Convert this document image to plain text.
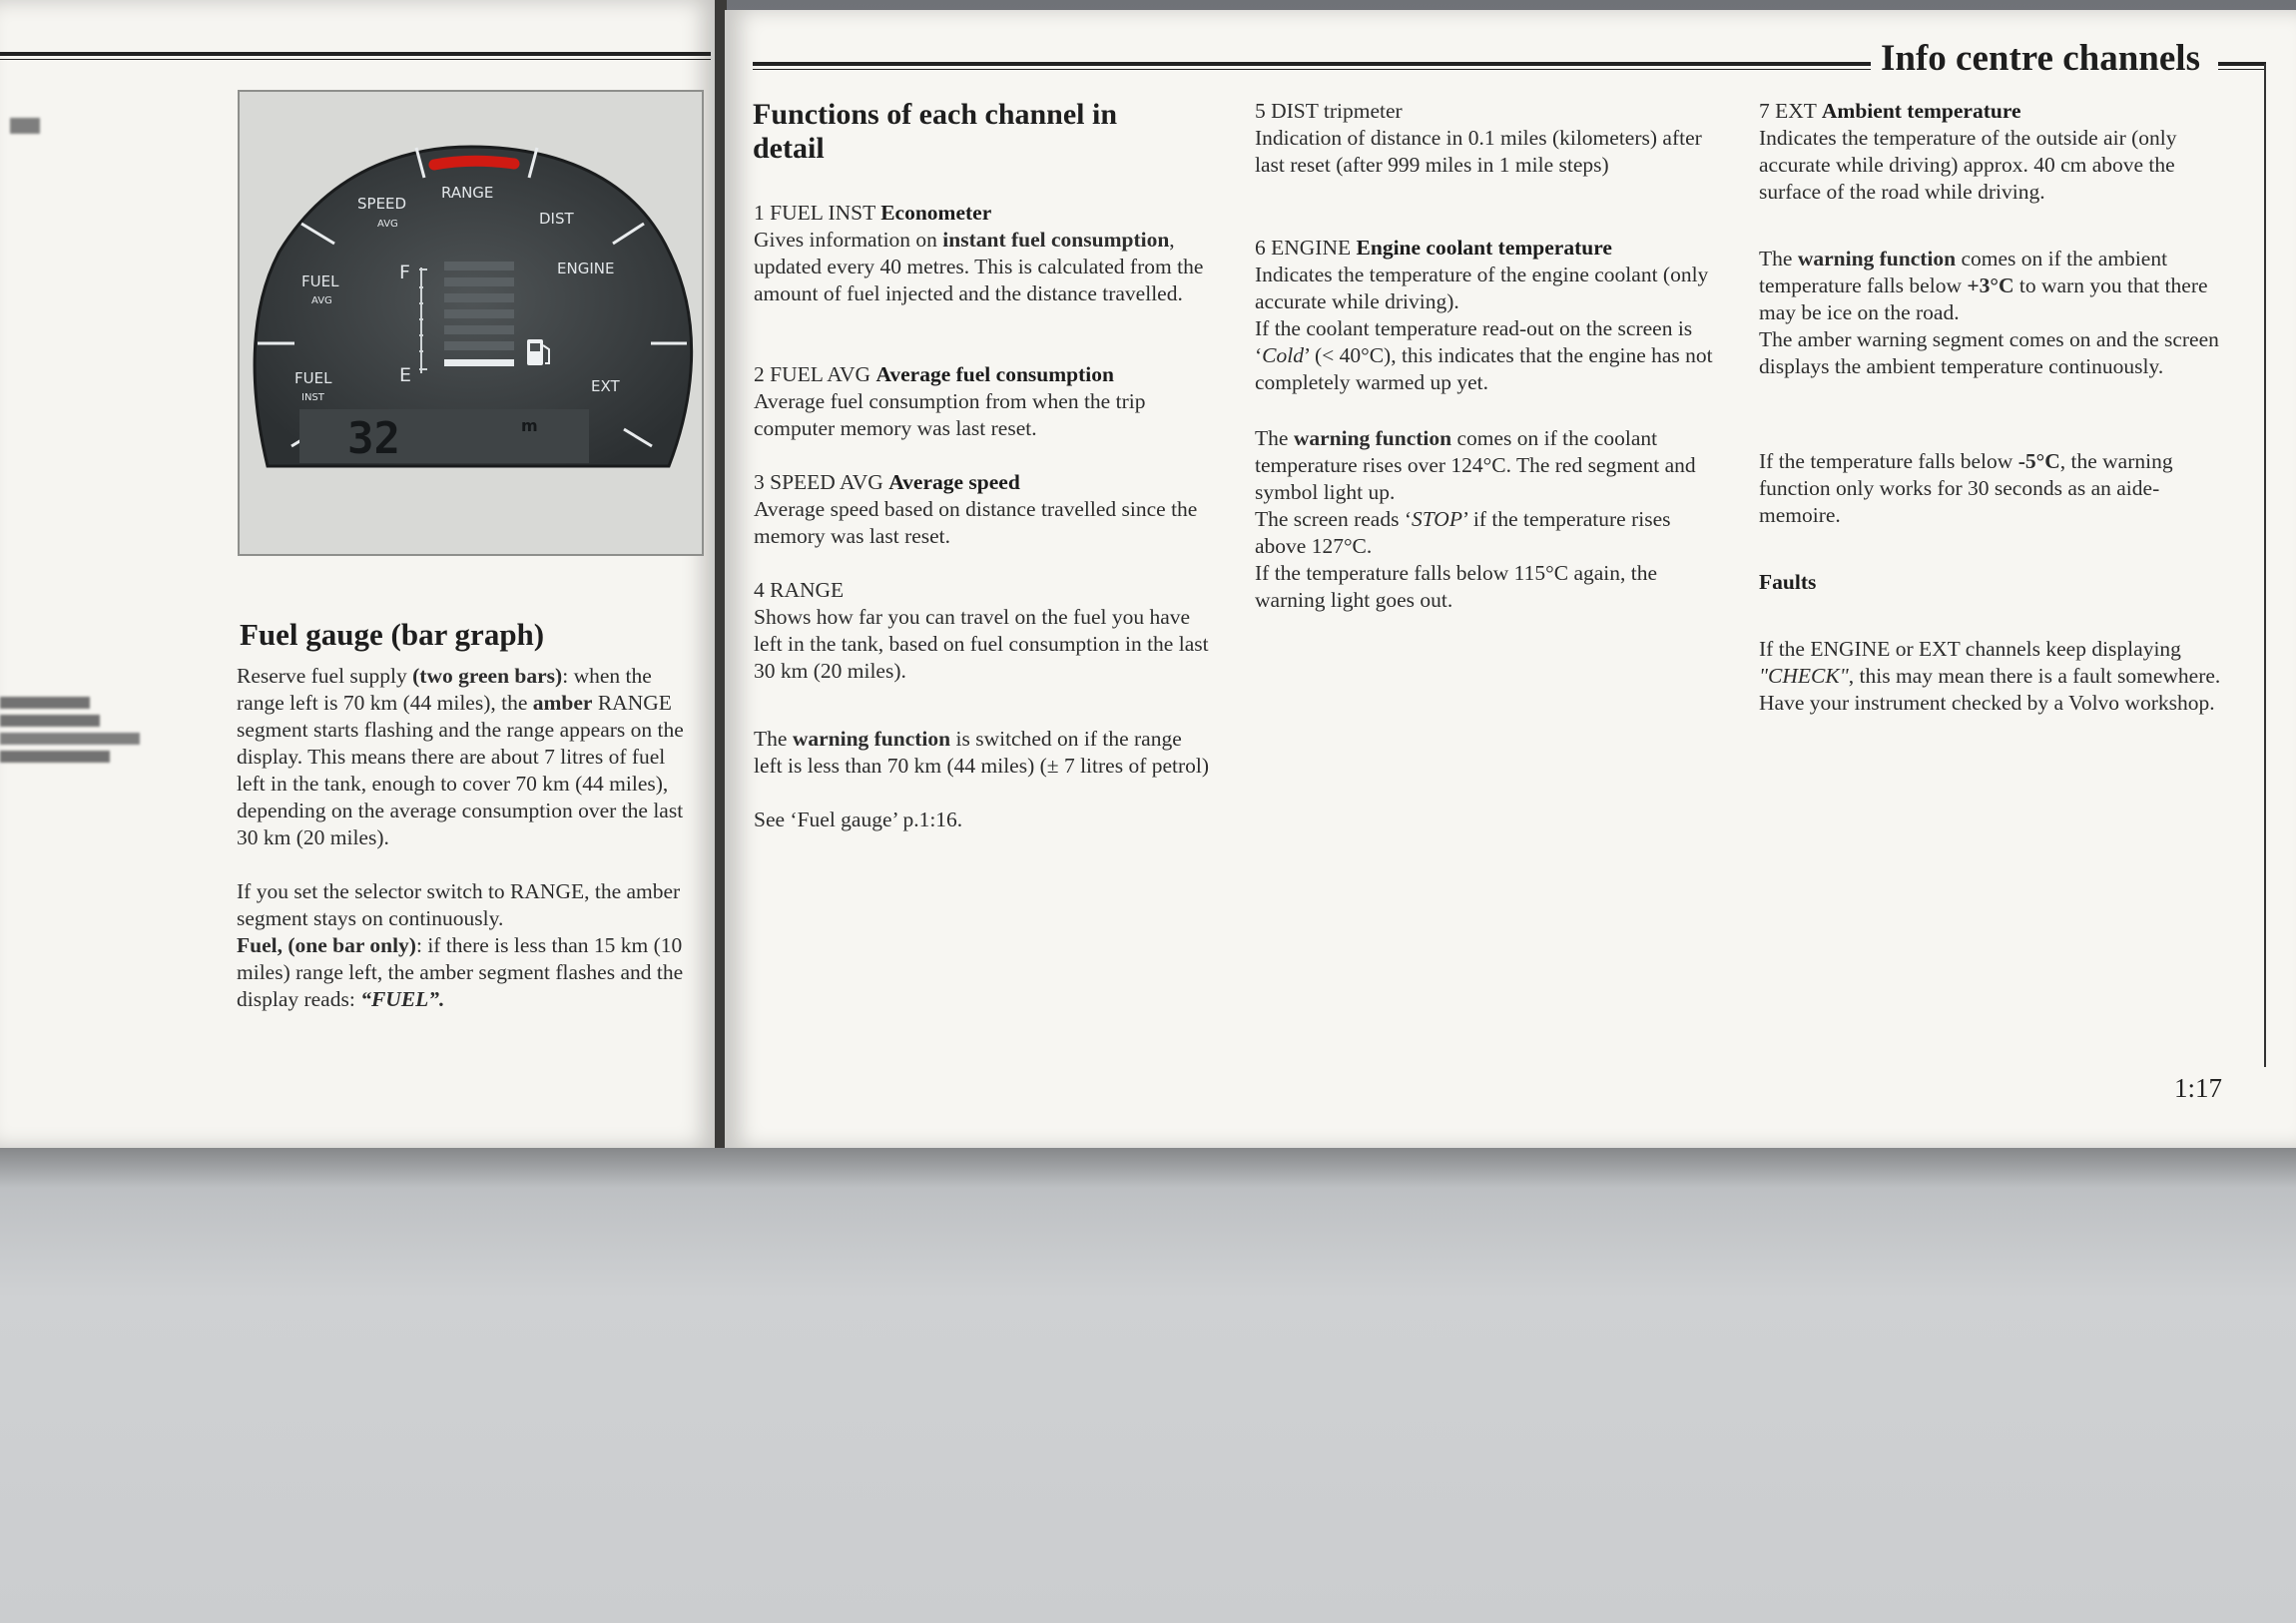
Info centre channels
SPEED
AVG
RANGE
DIST
FUEL
AVG
ENGINE
FUEL
INST
EXT
F
E
32	m
Fuel gauge (bar graph)

Reserve fuel supply (two green bars): when the range left is 70 km (44 miles), the amber RANGE segment starts flashing and the range appears on the display. This means there are about 7 litres of fuel left in the tank, enough to cover 70 km (44 miles), depending on the average consumption over the last 30 km (20 miles).

If you set the selector switch to RANGE, the amber segment stays on continuously.

Fuel, (one bar only): if there is less than 15 km (10 miles) range left, the amber segment flashes and the display reads: “FUEL”.

Functions of each channel in detail
1 FUEL INST Econometer

Gives information on instant fuel consumption, updated every 40 metres. This is calculated from the amount of fuel injected and the distance travelled.

2 FUEL AVG Average fuel consumption

Average fuel consumption from when the trip computer memory was last reset.

3 SPEED AVG Average speed

Average speed based on distance travelled since the memory was last reset.

4 RANGE

Shows how far you can travel on the fuel you have left in the tank, based on fuel consumption in the last 30 km (20 miles).

The warning function is switched on if the range left is less than 70 km (44 miles) (± 7 litres of petrol)

See ‘Fuel gauge’ p.1:16.

5 DIST tripmeter

Indication of distance in 0.1 miles (kilometers) after last reset (after 999 miles in 1 mile steps)

6 ENGINE Engine coolant temperature

Indicates the temperature of the engine coolant (only accurate while driving).

If the coolant temperature read-out on the screen is ‘Cold’ (< 40°C), this indicates that the engine has not completely warmed up yet.

The warning function comes on if the coolant temperature rises over 124°C. The red segment and symbol light up.

The screen reads ‘STOP’ if the temperature rises above 127°C.

If the temperature falls below 115°C again, the warning light goes out.

7 EXT Ambient temperature

Indicates the temperature of the outside air (only accurate while driving) approx. 40 cm above the surface of the road while driving.

The warning function comes on if the ambient temperature falls below +3°C to warn you that there may be ice on the road.

The amber warning segment comes on and the screen displays the ambient temperature continuously.

If the temperature falls below -5°C, the warning function only works for 30 seconds as an aide-memoire.

Faults

If the ENGINE or EXT channels keep displaying "CHECK", this may mean there is a fault somewhere. Have your instrument checked by a Volvo workshop.

1:17
